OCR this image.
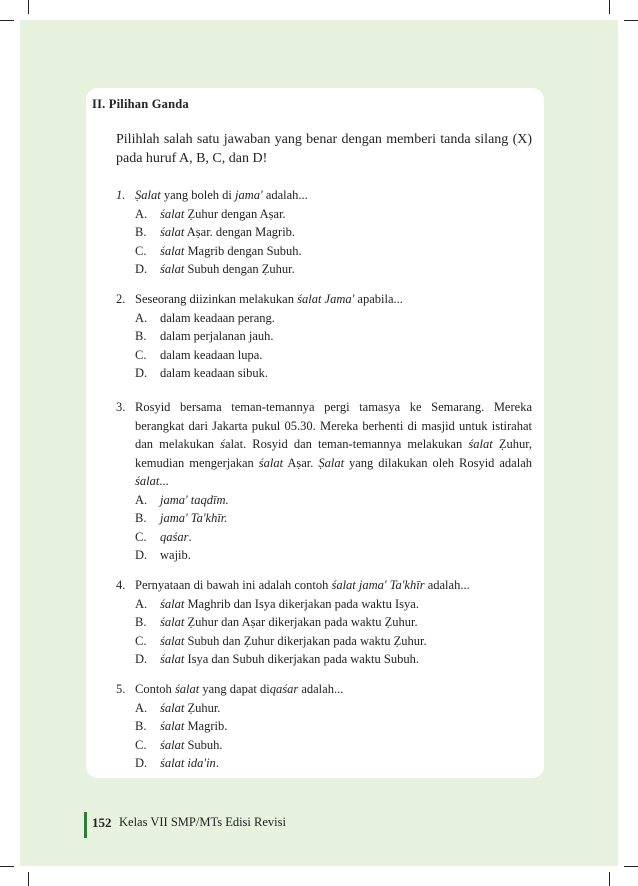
II. Pilihan Ganda
Pilihlah salah satu jawaban yang benar dengan memberi tanda silang (X) pada huruf A, B, C, dan D!
1. Ṣalat yang boleh di jama' adalah...
A. śalat Ẓuhur dengan Aṣar.
B. śalat Aṣar. dengan Magrib.
C. śalat Magrib dengan Subuh.
D. śalat Subuh dengan Ẓuhur.
2. Seseorang diizinkan melakukan śalat Jama' apabila...
A. dalam keadaan perang.
B. dalam perjalanan jauh.
C. dalam keadaan lupa.
D. dalam keadaan sibuk.
3. Rosyid bersama teman-temannya pergi tamasya ke Semarang. Mereka berangkat dari Jakarta pukul 05.30. Mereka berhenti di masjid untuk istirahat dan melakukan śalat. Rosyid dan teman-temannya melakukan śalat Ẓuhur, kemudian mengerjakan śalat Aṣar. Ṣalat yang dilakukan oleh Rosyid adalah śalat...
A. jama' taqdīm.
B. jama' Ta'khīr.
C. qaśar.
D. wajib.
4. Pernyataan di bawah ini adalah contoh śalat jama' Ta'khīr adalah...
A. śalat Maghrib dan Isya dikerjakan pada waktu Isya.
B. śalat Ẓuhur dan Aṣar dikerjakan pada waktu Ẓuhur.
C. śalat Subuh dan Ẓuhur dikerjakan pada waktu Ẓuhur.
D. śalat Isya dan Subuh dikerjakan pada waktu Subuh.
5. Contoh śalat yang dapat diqaśar adalah...
A. śalat Ẓuhur.
B. śalat Magrib.
C. śalat Subuh.
D. śalat ida'in.
152 Kelas VII SMP/MTs Edisi Revisi
